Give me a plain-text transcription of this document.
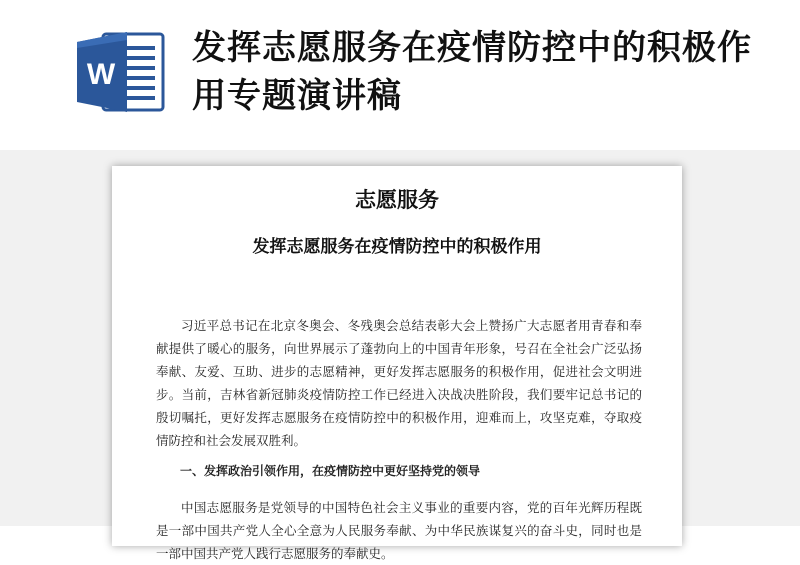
W
发挥志愿服务在疫情防控中的积极作用专题演讲稿
志愿服务
发挥志愿服务在疫情防控中的积极作用

习近平总书记在北京冬奥会、冬残奥会总结表彰大会上赞扬广大志愿者用青春和奉献提供了暖心的服务，向世界展示了蓬勃向上的中国青年形象，号召在全社会广泛弘扬奉献、友爱、互助、进步的志愿精神，更好发挥志愿服务的积极作用，促进社会文明进步。当前，吉林省新冠肺炎疫情防控工作已经进入决战决胜阶段，我们要牢记总书记的殷切嘱托，更好发挥志愿服务在疫情防控中的积极作用，迎难而上，攻坚克难，夺取疫情防控和社会发展双胜利。

一、发挥政治引领作用，在疫情防控中更好坚持党的领导

中国志愿服务是党领导的中国特色社会主义事业的重要内容，党的百年光辉历程既是一部中国共产党人全心全意为人民服务奉献、为中华民族谋复兴的奋斗史，同时也是一部中国共产党人践行志愿服务的奉献史。
